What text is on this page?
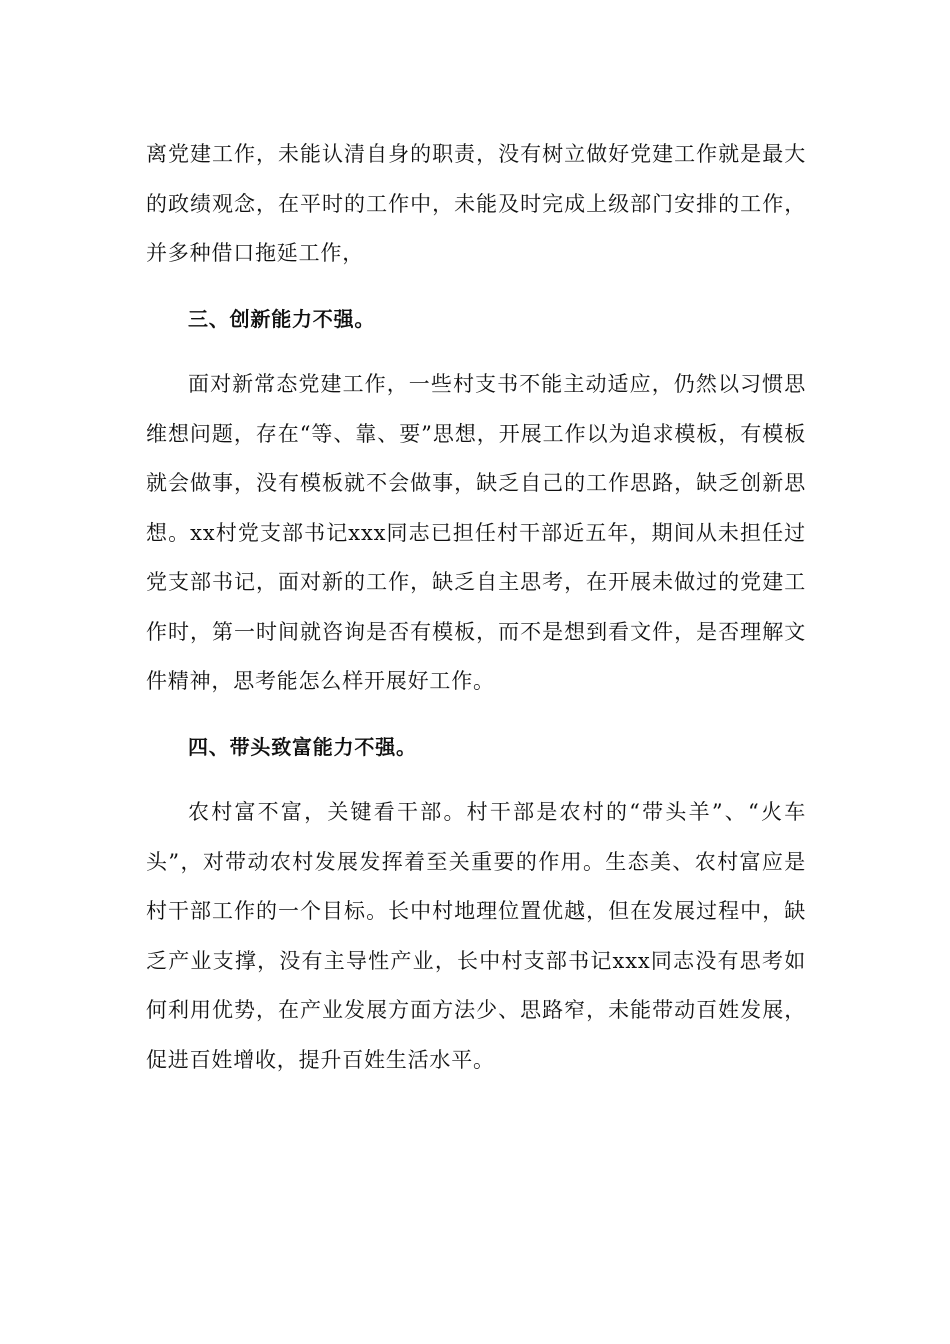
离党建工作，未能认清自身的职责，没有树立做好党建工作就是最大的政绩观念，在平时的工作中，未能及时完成上级部门安排的工作，并多种借口拖延工作，

三、创新能力不强。

面对新常态党建工作，一些村支书不能主动适应，仍然以习惯思维想问题，存在“等、靠、要”思想，开展工作以为追求模板，有模板就会做事，没有模板就不会做事，缺乏自己的工作思路，缺乏创新思想。xx村党支部书记xxx同志已担任村干部近五年，期间从未担任过党支部书记，面对新的工作，缺乏自主思考，在开展未做过的党建工作时，第一时间就咨询是否有模板，而不是想到看文件，是否理解文件精神，思考能怎么样开展好工作。

四、带头致富能力不强。

农村富不富，关键看干部。村干部是农村的“带头羊”、“火车头”，对带动农村发展发挥着至关重要的作用。生态美、农村富应是村干部工作的一个目标。长中村地理位置优越，但在发展过程中，缺乏产业支撑，没有主导性产业，长中村支部书记xxx同志没有思考如何利用优势，在产业发展方面方法少、思路窄，未能带动百姓发展，促进百姓增收，提升百姓生活水平。
